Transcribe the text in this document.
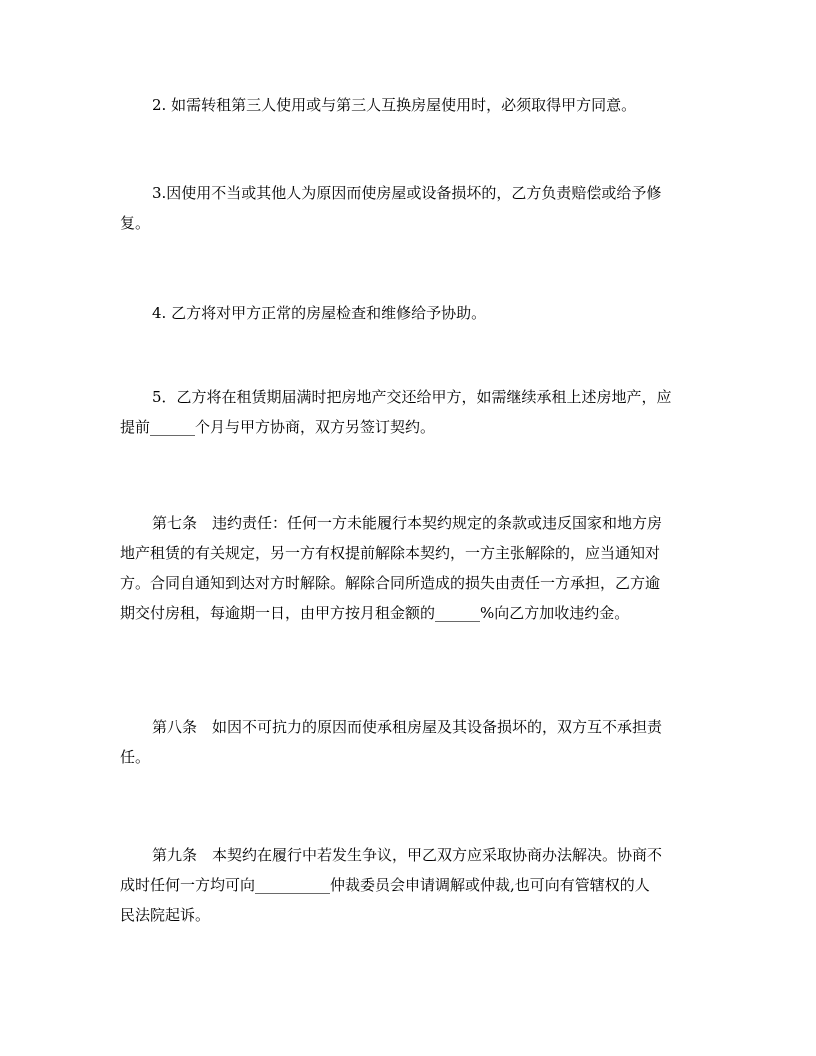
2. 如需转租第三人使用或与第三人互换房屋使用时，必须取得甲方同意。
3.因使用不当或其他人为原因而使房屋或设备损坏的，乙方负责赔偿或给予修
复。
4. 乙方将对甲方正常的房屋检查和维修给予协助。
5．乙方将在租赁期届满时把房地产交还给甲方，如需继续承租上述房地产，应
提前______个月与甲方协商，双方另签订契约。
第七条　违约责任：任何一方未能履行本契约规定的条款或违反国家和地方房
地产租赁的有关规定，另一方有权提前解除本契约，一方主张解除的，应当通知对
方。合同自通知到达对方时解除。解除合同所造成的损失由责任一方承担，乙方逾
期交付房租，每逾期一日，由甲方按月租金额的______%向乙方加收违约金。
第八条　如因不可抗力的原因而使承租房屋及其设备损坏的，双方互不承担责
任。
第九条　本契约在履行中若发生争议，甲乙双方应采取协商办法解决。协商不
成时任何一方均可向__________仲裁委员会申请调解或仲裁,也可向有管辖权的人
民法院起诉。
